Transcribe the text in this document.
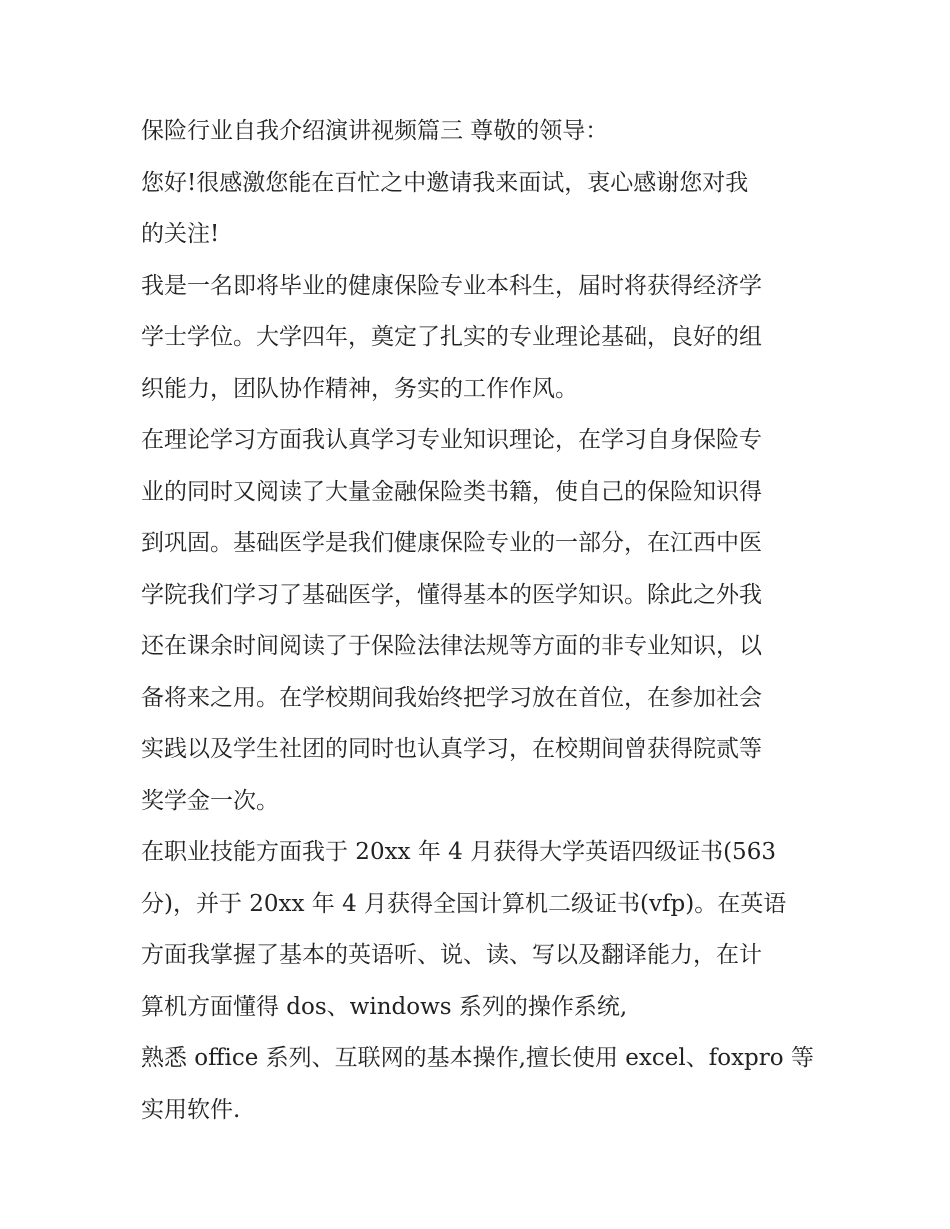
保险行业自我介绍演讲视频篇三 尊敬的领导：

您好!很感激您能在百忙之中邀请我来面试，衷心感谢您对我
的关注!

我是一名即将毕业的健康保险专业本科生，届时将获得经济学
学士学位。大学四年，奠定了扎实的专业理论基础，良好的组
织能力，团队协作精神，务实的工作作风。

在理论学习方面我认真学习专业知识理论，在学习自身保险专
业的同时又阅读了大量金融保险类书籍，使自己的保险知识得
到巩固。基础医学是我们健康保险专业的一部分，在江西中医
学院我们学习了基础医学，懂得基本的医学知识。除此之外我
还在课余时间阅读了于保险法律法规等方面的非专业知识，以
备将来之用。在学校期间我始终把学习放在首位，在参加社会
实践以及学生社团的同时也认真学习，在校期间曾获得院贰等
奖学金一次。

在职业技能方面我于 20xx 年 4 月获得大学英语四级证书(563
分)，并于 20xx 年 4 月获得全国计算机二级证书(vfp)。在英语
方面我掌握了基本的英语听、说、读、写以及翻译能力，在计
算机方面懂得 dos、windows 系列的操作系统,

熟悉 office 系列、互联网的基本操作,擅长使用 excel、foxpro 等
实用软件.
